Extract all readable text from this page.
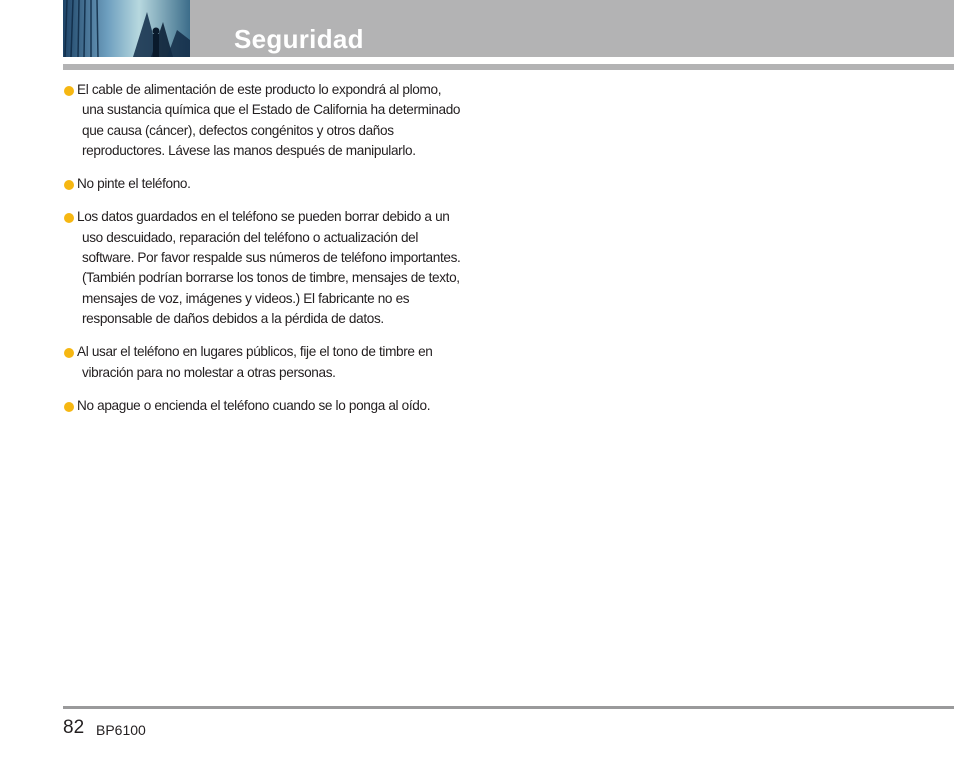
Seguridad
El cable de alimentación de este producto lo expondrá al plomo, una sustancia química que el Estado de California ha determinado que causa (cáncer), defectos congénitos y otros daños reproductores. Lávese las manos después de manipularlo.
No pinte el teléfono.
Los datos guardados en el teléfono se pueden borrar debido a un uso descuidado, reparación del teléfono o actualización del software. Por favor respalde sus números de teléfono importantes. (También podrían borrarse los tonos de timbre, mensajes de texto, mensajes de voz, imágenes y videos.) El fabricante no es responsable de daños debidos a la pérdida de datos.
Al usar el teléfono en lugares públicos, fije el tono de timbre en vibración para no molestar a otras personas.
No apague o encienda el teléfono cuando se lo ponga al oído.
82 BP6100
